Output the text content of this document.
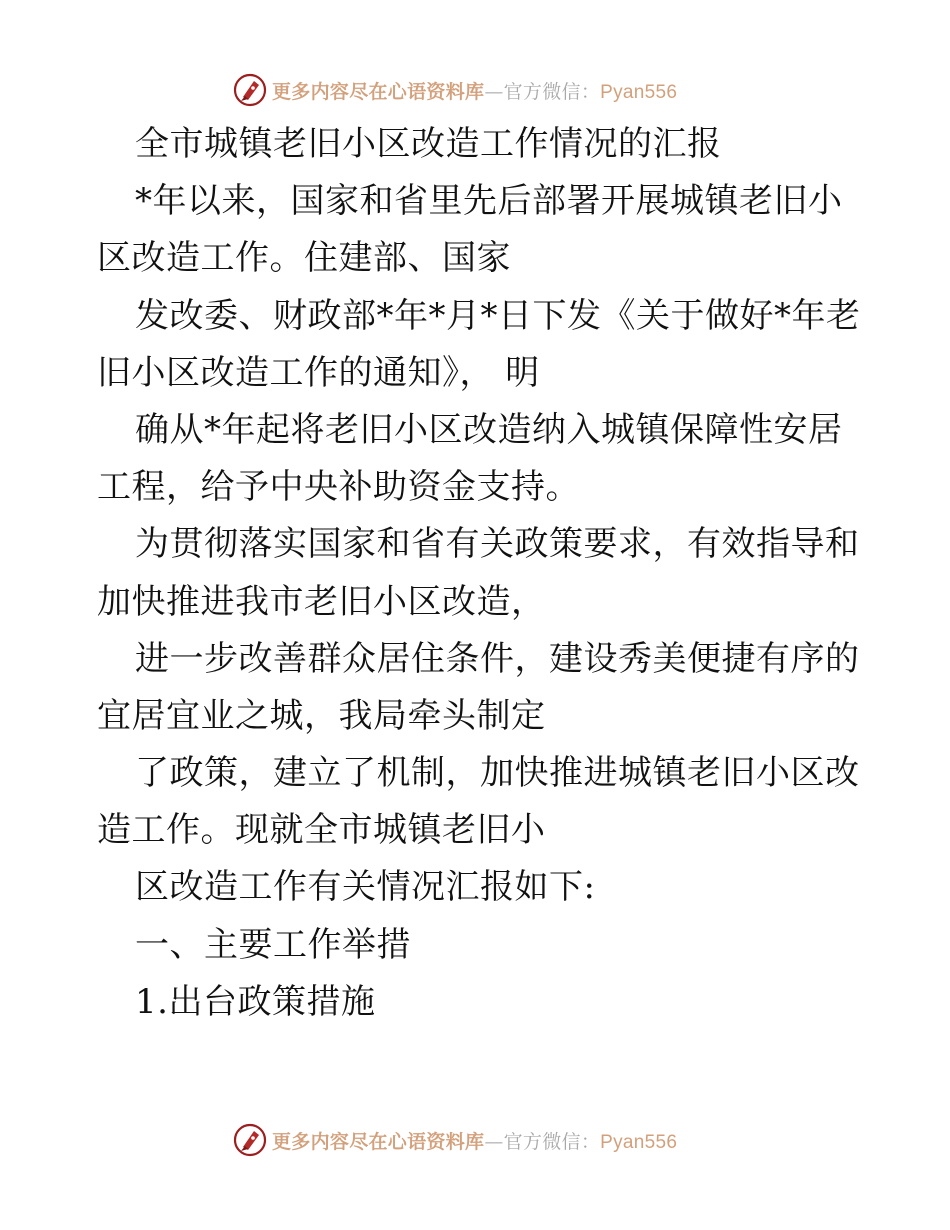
更多内容尽在心语资料库—官方微信：Pyan556
全市城镇老旧小区改造工作情况的汇报
*年以来，国家和省里先后部署开展城镇老旧小
区改造工作。住建部、国家
发改委、财政部*年*月*日下发《关于做好*年老
旧小区改造工作的通知》， 明
确从*年起将老旧小区改造纳入城镇保障性安居
工程，给予中央补助资金支持。
为贯彻落实国家和省有关政策要求，有效指导和
加快推进我市老旧小区改造，
进一步改善群众居住条件，建设秀美便捷有序的
宜居宜业之城，我局牵头制定
了政策，建立了机制，加快推进城镇老旧小区改
造工作。现就全市城镇老旧小
区改造工作有关情况汇报如下:
一、主要工作举措
1.出台政策措施
更多内容尽在心语资料库—官方微信：Pyan556
